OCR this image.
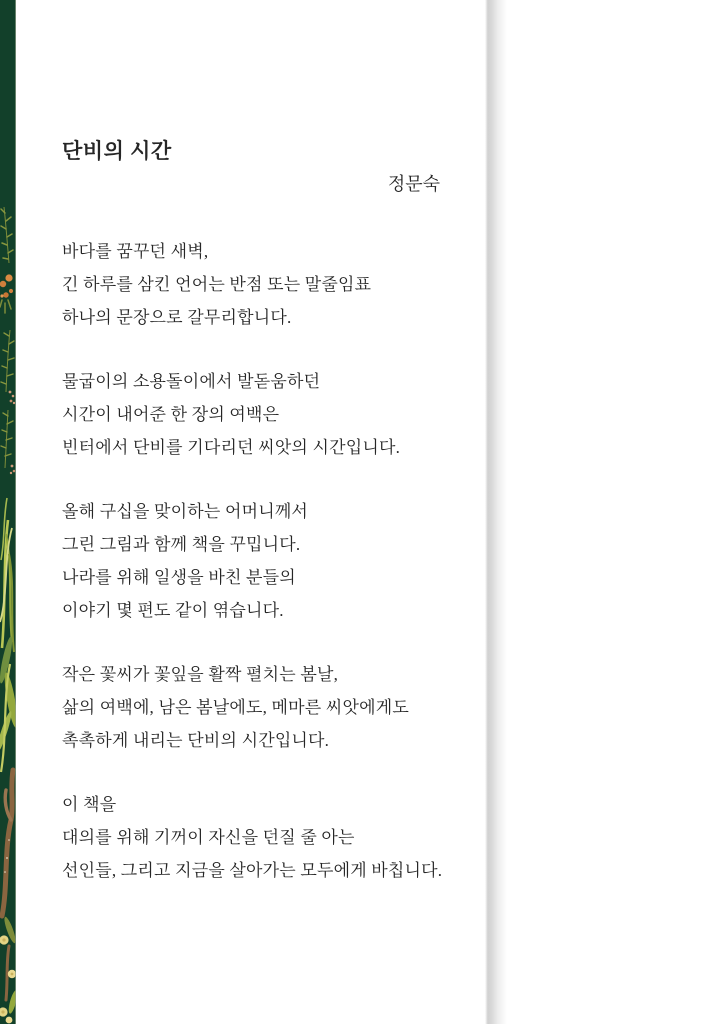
단비의 시간
정문숙
바다를 꿈꾸던 새벽,
긴 하루를 삼킨 언어는 반점 또는 말줄임표
하나의 문장으로 갈무리합니다.
물굽이의 소용돌이에서 발돋움하던
시간이 내어준 한 장의 여백은
빈터에서 단비를 기다리던 씨앗의 시간입니다.
올해 구십을 맞이하는 어머니께서
그린 그림과 함께 책을 꾸밉니다.
나라를 위해 일생을 바친 분들의
이야기 몇 편도 같이 엮습니다.
작은 꽃씨가 꽃잎을 활짝 펼치는 봄날,
삶의 여백에, 남은 봄날에도, 메마른 씨앗에게도
촉촉하게 내리는 단비의 시간입니다.
이 책을
대의를 위해 기꺼이 자신을 던질 줄 아는
선인들, 그리고 지금을 살아가는 모두에게 바칩니다.
